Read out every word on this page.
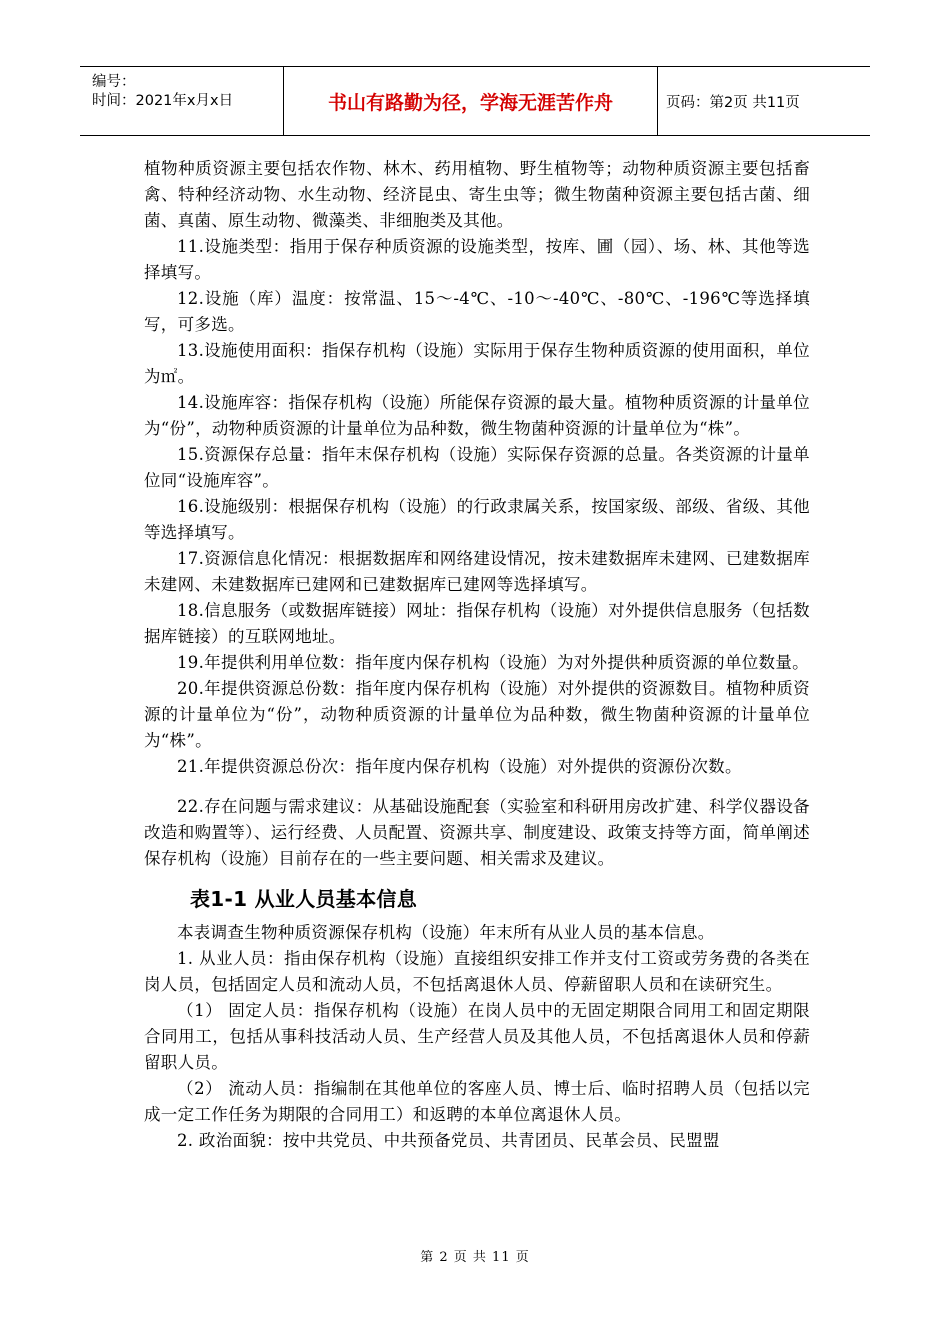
编号：
时间：2021年x月x日	书山有路勤为径，学海无涯苦作舟	页码：第2页 共11页

植物种质资源主要包括农作物、林木、药用植物、野生植物等；动物种质资源主要包括畜禽、特种经济动物、水生动物、经济昆虫、寄生虫等；微生物菌种资源主要包括古菌、细菌、真菌、原生动物、微藻类、非细胞类及其他。

11.设施类型：指用于保存种质资源的设施类型，按库、圃（园）、场、林、其他等选择填写。

12.设施（库）温度：按常温、15～-4℃、-10～-40℃、-80℃、-196℃等选择填写，可多选。

13.设施使用面积：指保存机构（设施）实际用于保存生物种质资源的使用面积，单位为㎡。

14.设施库容：指保存机构（设施）所能保存资源的最大量。植物种质资源的计量单位为“份”，动物种质资源的计量单位为品种数，微生物菌种资源的计量单位为“株”。

15.资源保存总量：指年末保存机构（设施）实际保存资源的总量。各类资源的计量单位同“设施库容”。

16.设施级别：根据保存机构（设施）的行政隶属关系，按国家级、部级、省级、其他等选择填写。

17.资源信息化情况：根据数据库和网络建设情况，按未建数据库未建网、已建数据库未建网、未建数据库已建网和已建数据库已建网等选择填写。

18.信息服务（或数据库链接）网址：指保存机构（设施）对外提供信息服务（包括数据库链接）的互联网地址。

19.年提供利用单位数：指年度内保存机构（设施）为对外提供种质资源的单位数量。

20.年提供资源总份数：指年度内保存机构（设施）对外提供的资源数目。植物种质资源的计量单位为“份”，动物种质资源的计量单位为品种数，微生物菌种资源的计量单位为“株”。

21.年提供资源总份次：指年度内保存机构（设施）对外提供的资源份次数。

22.存在问题与需求建议：从基础设施配套（实验室和科研用房改扩建、科学仪器设备改造和购置等）、运行经费、人员配置、资源共享、制度建设、政策支持等方面，简单阐述保存机构（设施）目前存在的一些主要问题、相关需求及建议。

表1-1 从业人员基本信息

本表调查生物种质资源保存机构（设施）年末所有从业人员的基本信息。

1. 从业人员：指由保存机构（设施）直接组织安排工作并支付工资或劳务费的各类在岗人员，包括固定人员和流动人员，不包括离退休人员、停薪留职人员和在读研究生。

（1） 固定人员：指保存机构（设施）在岗人员中的无固定期限合同用工和固定期限合同用工，包括从事科技活动人员、生产经营人员及其他人员，不包括离退休人员和停薪留职人员。

（2） 流动人员：指编制在其他单位的客座人员、博士后、临时招聘人员（包括以完成一定工作任务为期限的合同用工）和返聘的本单位离退休人员。

2. 政治面貌：按中共党员、中共预备党员、共青团员、民革会员、民盟盟

第 2 页 共 11 页
